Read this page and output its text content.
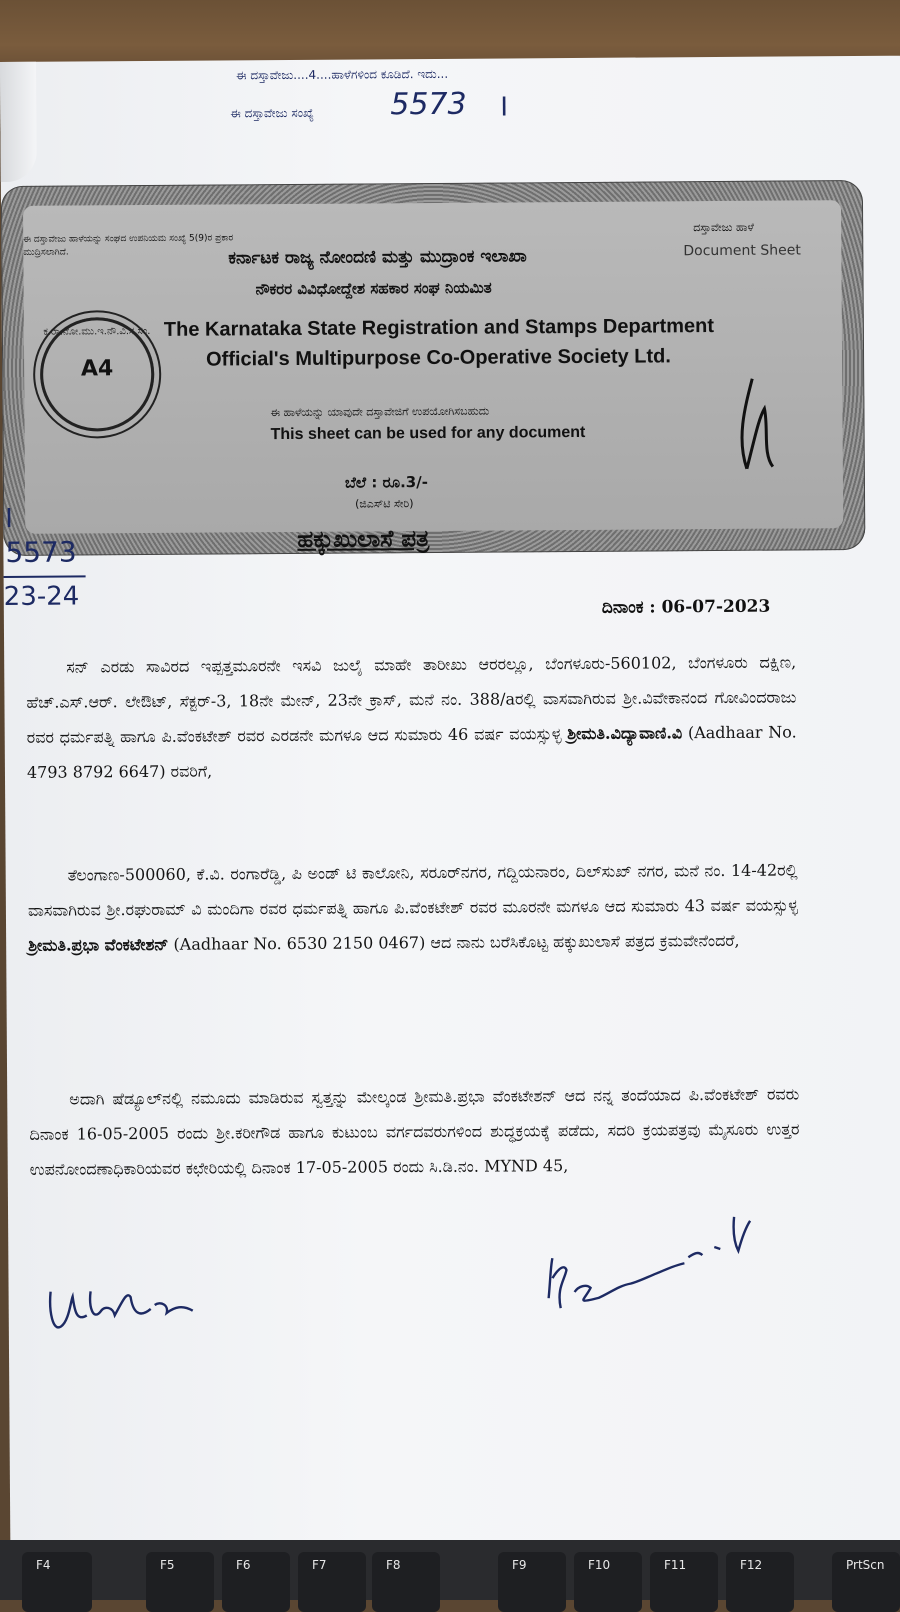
ಈ ದಸ್ತಾವೇಜು....4....ಹಾಳೆಗಳಿಂದ ಕೂಡಿದೆ. ಇದು...
ಈ ದಸ್ತಾವೇಜು ಸಂಖ್ಯೆ	5573 I
ಈ ದಸ್ತಾವೇಜು ಹಾಳೆಯನ್ನು ಸಂಘದ ಉಪನಿಯಮ ಸಂಖ್ಯೆ 5(9)ರ ಪ್ರಕಾರ ಮುದ್ರಿಸಲಾಗಿದೆ.
ದಸ್ತಾವೇಜು ಹಾಳೆ
Document Sheet
ಕರ್ನಾಟಕ ರಾಜ್ಯ ನೋಂದಣಿ ಮತ್ತು ಮುದ್ರಾಂಕ ಇಲಾಖಾ
ನೌಕರರ ವಿವಿಧೋದ್ದೇಶ ಸಹಕಾರ ಸಂಘ ನಿಯಮಿತ
The Karnataka State Registration and Stamps Department
Official's Multipurpose Co-Operative Society Ltd.
ಈ ಹಾಳೆಯನ್ನು ಯಾವುದೇ ದಸ್ತಾವೇಜಿಗೆ ಉಪಯೋಗಿಸಬಹುದು
This sheet can be used for any document
ಬೆಲೆ : ರೂ.3/-
(ಜಿಎಸ್‌ಟಿ ಸೇರಿ)
ಕ.ರಾ.ನೋ.ಮು.ಇ.ನೌ.ವಿ.ಸ.ಸಂ.
A4
I
5573
23-24
ಹಕ್ಕುಖುಲಾಸೆ ಪತ್ರ
ದಿನಾಂಕ : 06-07-2023
ಸನ್ ಎರಡು ಸಾವಿರದ ಇಪ್ಪತ್ತಮೂರನೇ ಇಸವಿ ಜುಲೈ ಮಾಹೇ ತಾರೀಖು ಆರರಲ್ಲೂ, ಬೆಂಗಳೂರು-560102, ಬೆಂಗಳೂರು ದಕ್ಷಿಣ, ಹೆಚ್.ಎಸ್.ಆರ್. ಲೇಔಟ್, ಸೆಕ್ಟರ್-3, 18ನೇ ಮೇನ್, 23ನೇ ಕ್ರಾಸ್, ಮನೆ ನಂ. 388/aರಲ್ಲಿ ವಾಸವಾಗಿರುವ ಶ್ರೀ.ವಿವೇಕಾನಂದ ಗೋವಿಂದರಾಜು ರವರ ಧರ್ಮಪತ್ನಿ ಹಾಗೂ ಪಿ.ವೆಂಕಟೇಶ್ ರವರ ಎರಡನೇ ಮಗಳೂ ಆದ ಸುಮಾರು 46 ವರ್ಷ ವಯಸ್ಸುಳ್ಳ ಶ್ರೀಮತಿ.ವಿದ್ಯಾವಾಣಿ.ವಿ (Aadhaar No. 4793 8792 6647) ರವರಿಗೆ,
ತೆಲಂಗಾಣ-500060, ಕೆ.ವಿ. ರಂಗಾರೆಡ್ಡಿ, ಪಿ ಅಂಡ್ ಟಿ ಕಾಲೋನಿ, ಸರೂರ್‌ನಗರ, ಗದ್ದಿಯನಾರಂ, ದಿಲ್‌ಸುಖ್ ನಗರ, ಮನೆ ನಂ. 14-42ರಲ್ಲಿ ವಾಸವಾಗಿರುವ ಶ್ರೀ.ರಘುರಾಮ್ ವಿ ಮಂದಿಗಾ ರವರ ಧರ್ಮಪತ್ನಿ ಹಾಗೂ ಪಿ.ವೆಂಕಟೇಶ್ ರವರ ಮೂರನೇ ಮಗಳೂ ಆದ ಸುಮಾರು 43 ವರ್ಷ ವಯಸ್ಸುಳ್ಳ ಶ್ರೀಮತಿ.ಪ್ರಭಾ ವೆಂಕಟೇಶನ್ (Aadhaar No. 6530 2150 0467) ಆದ ನಾನು ಬರೆಸಿಕೊಟ್ಟ ಹಕ್ಕುಖುಲಾಸೆ ಪತ್ರದ ಕ್ರಮವೇನೆಂದರೆ,
ಅದಾಗಿ ಷೆಡ್ಯೂಲ್‌ನಲ್ಲಿ ನಮೂದು ಮಾಡಿರುವ ಸ್ವತ್ತನ್ನು ಮೇಲ್ಕಂಡ ಶ್ರೀಮತಿ.ಪ್ರಭಾ ವೆಂಕಟೇಶನ್ ಆದ ನನ್ನ ತಂದೆಯಾದ ಪಿ.ವೆಂಕಟೇಶ್ ರವರು ದಿನಾಂಕ 16-05-2005 ರಂದು ಶ್ರೀ.ಕರೀಗೌಡ ಹಾಗೂ ಕುಟುಂಬ ವರ್ಗದವರುಗಳಿಂದ ಶುದ್ಧಕ್ರಯಕ್ಕೆ ಪಡೆದು, ಸದರಿ ಕ್ರಯಪತ್ರವು ಮೈಸೂರು ಉತ್ತರ ಉಪನೋಂದಣಾಧಿಕಾರಿಯವರ ಕಛೇರಿಯಲ್ಲಿ ದಿನಾಂಕ 17-05-2005 ರಂದು ಸಿ.ಡಿ.ನಂ. MYND 45,
F4	F5	F6	F7	F8	F9	F10	F11	F12	PrtScn
